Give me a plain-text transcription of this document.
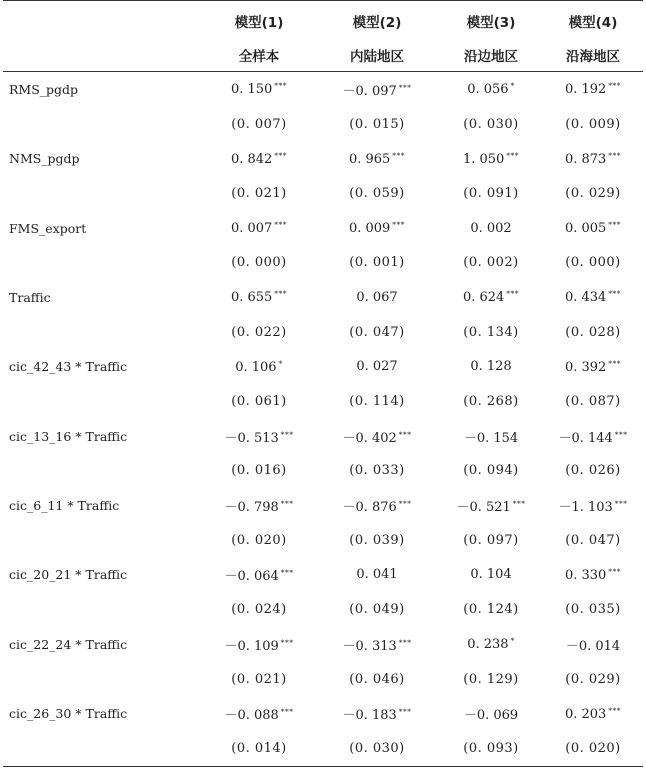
	模型(1)	模型(2)	模型(3)	模型(4)
	全样本	内陆地区	沿边地区	沿海地区
RMS_pgdp	0. 150 ***	－0. 097 ***	0. 056 *	0. 192 ***
	(0. 007)	(0. 015)	(0. 030)	(0. 009)
NMS_pgdp	0. 842 ***	0. 965 ***	1. 050 ***	0. 873 ***
	(0. 021)	(0. 059)	(0. 091)	(0. 029)
FMS_export	0. 007 ***	0. 009 ***	0. 002	0. 005 ***
	(0. 000)	(0. 001)	(0. 002)	(0. 000)
Traffic	0. 655 ***	0. 067	0. 624 ***	0. 434 ***
	(0. 022)	(0. 047)	(0. 134)	(0. 028)
cic_42_43 * Traffic	0. 106 *	0. 027	0. 128	0. 392 ***
	(0. 061)	(0. 114)	(0. 268)	(0. 087)
cic_13_16 * Traffic	－0. 513 ***	－0. 402 ***	－0. 154	－0. 144 ***
	(0. 016)	(0. 033)	(0. 094)	(0. 026)
cic_6_11 * Traffic	－0. 798 ***	－0. 876 ***	－0. 521 ***	－1. 103 ***
	(0. 020)	(0. 039)	(0. 097)	(0. 047)
cic_20_21 * Traffic	－0. 064 ***	0. 041	0. 104	0. 330 ***
	(0. 024)	(0. 049)	(0. 124)	(0. 035)
cic_22_24 * Traffic	－0. 109 ***	－0. 313 ***	0. 238 *	－0. 014
	(0. 021)	(0. 046)	(0. 129)	(0. 029)
cic_26_30 * Traffic	－0. 088 ***	－0. 183 ***	－0. 069	0. 203 ***
	(0. 014)	(0. 030)	(0. 093)	(0. 020)
